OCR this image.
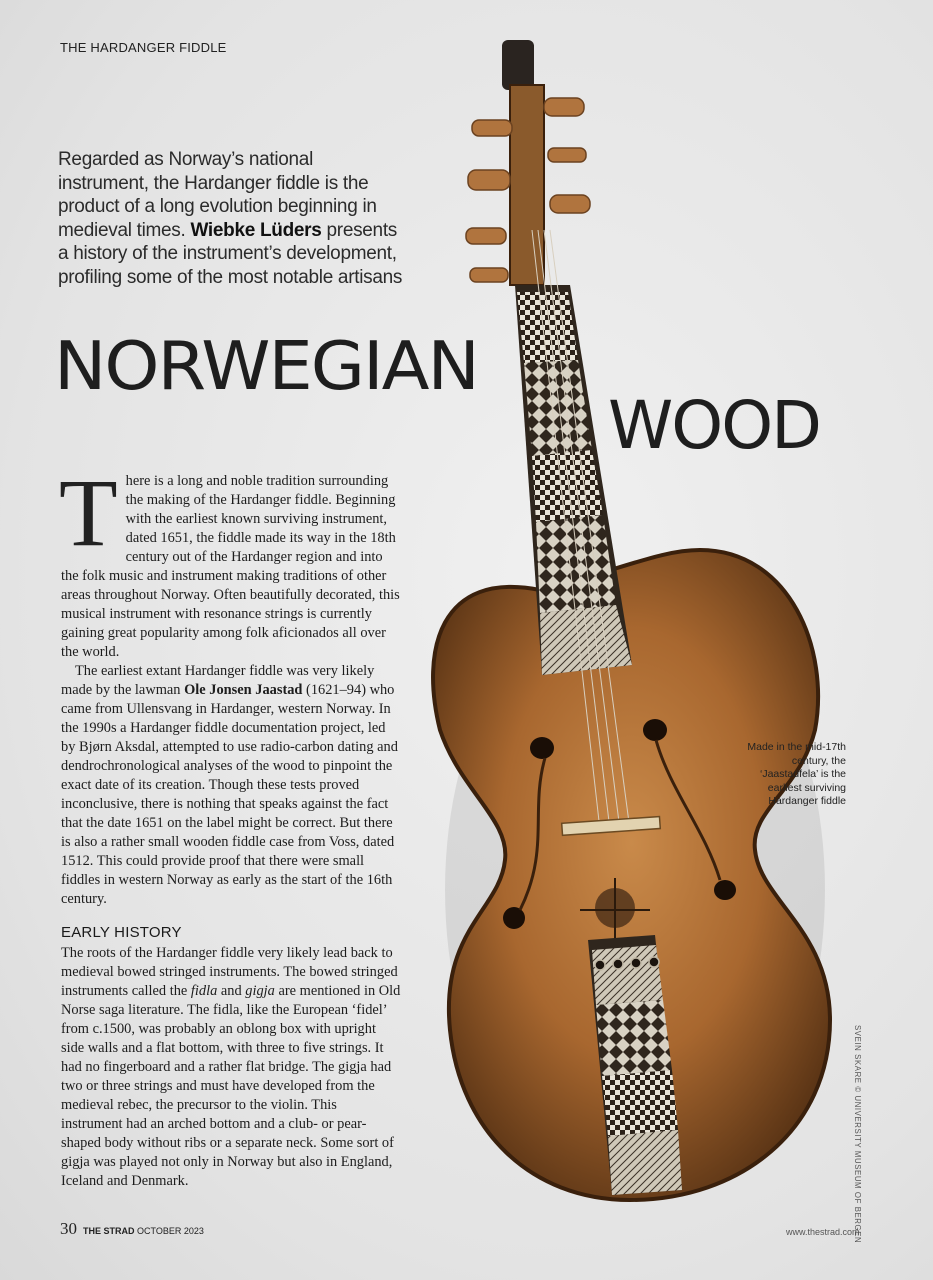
THE HARDANGER FIDDLE
Regarded as Norway’s national instrument, the Hardanger fiddle is the product of a long evolution beginning in medieval times. Wiebke Lüders presents a history of the instrument’s development, profiling some of the most notable artisans
NORWEGIAN
WOOD

There is a long and noble tradition surrounding the making of the Hardanger fiddle. Beginning with the earliest known surviving instrument, dated 1651, the fiddle made its way in the 18th century out of the Hardanger region and into the folk music and instrument making traditions of other areas throughout Norway. Often beautifully decorated, this musical instrument with resonance strings is currently gaining great popularity among folk aficionados all over the world.

The earliest extant Hardanger fiddle was very likely made by the lawman Ole Jonsen Jaastad (1621–94) who came from Ullensvang in Hardanger, western Norway. In the 1990s a Hardanger fiddle documentation project, led by Bjørn Aksdal, attempted to use radio-carbon dating and dendrochronological analyses of the wood to pinpoint the exact date of its creation. Though these tests proved inconclusive, there is nothing that speaks against the fact that the date 1651 on the label might be correct. But there is also a rather small wooden fiddle case from Voss, dated 1512. This could provide proof that there were small fiddles in western Norway as early as the start of the 16th century.

EARLY HISTORY

The roots of the Hardanger fiddle very likely lead back to medieval bowed stringed instruments. The bowed stringed instruments called the fidla and gigja are mentioned in Old Norse saga literature. The fidla, like the European ‘fidel’ from c.1500, was probably an oblong box with upright side walls and a flat bottom, with three to five strings. It had no fingerboard and a rather flat bridge. The gigja had two or three strings and must have developed from the medieval rebec, the precursor to the violin. This instrument had an arched bottom and a club- or pear-shaped body without ribs or a separate neck. Some sort of gigja was played not only in Norway but also in England, Iceland and Denmark.

Made in the mid-17th century, the ‘Jaastadfela’ is the earliest surviving Hardanger fiddle
SVEIN SKARE © UNIVERSITY MUSEUM OF BERGEN
30 THE STRAD OCTOBER 2023	www.thestrad.com
